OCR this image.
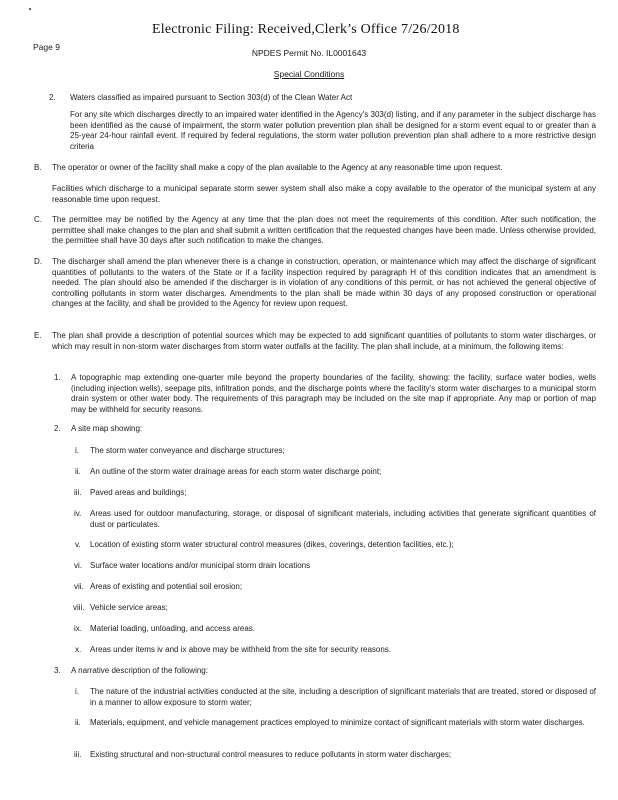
Electronic Filing: Received,Clerk’s Office 7/26/2018
Page 9
NPDES Permit No. IL0001643
Special Conditions
2. Waters classified as impaired pursuant to Section 303(d) of the Clean Water Act
For any site which discharges directly to an impaired water identified in the Agency's 303(d) listing, and if any parameter in the subject discharge has been identified as the cause of impairment, the storm water pollution prevention plan shall be designed for a storm event equal to or greater than a 25-year 24-hour rainfall event. If required by federal regulations, the storm water pollution prevention plan shall adhere to a more restrictive design criteria
B. The operator or owner of the facility shall make a copy of the plan available to the Agency at any reasonable time upon request.
Facilities which discharge to a municipal separate storm sewer system shall also make a copy available to the operator of the municipal system at any reasonable time upon request.
C. The permittee may be notified by the Agency at any time that the plan does not meet the requirements of this condition. After such notification, the permittee shall make changes to the plan and shall submit a written certification that the requested changes have been made. Unless otherwise provided, the permittee shall have 30 days after such notification to make the changes.
D. The discharger shall amend the plan whenever there is a change in construction, operation, or maintenance which may affect the discharge of significant quantities of pollutants to the waters of the State or if a facility inspection required by paragraph H of this condition indicates that an amendment is needed. The plan should also be amended if the discharger is in violation of any conditions of this permit, or has not achieved the general objective of controlling pollutants in storm water discharges. Amendments to the plan shall be made within 30 days of any proposed construction or operational changes at the facility, and shall be provided to the Agency for review upon request.
E. The plan shall provide a description of potential sources which may be expected to add significant quantities of pollutants to storm water discharges, or which may result in non-storm water discharges from storm water outfalls at the facility. The plan shall include, at a minimum, the following items:
1. A topographic map extending one-quarter mile beyond the property boundaries of the facility, showing: the facility, surface water bodies, wells (including injection wells), seepage pits, infiltration ponds, and the discharge points where the facility's storm water discharges to a municipal storm drain system or other water body. The requirements of this paragraph may be included on the site map if appropriate. Any map or portion of map may be withheld for security reasons.
2. A site map showing:
i. The storm water conveyance and discharge structures;
ii. An outline of the storm water drainage areas for each storm water discharge point;
iii. Paved areas and buildings;
iv. Areas used for outdoor manufacturing, storage, or disposal of significant materials, including activities that generate significant quantities of dust or particulates.
v. Location of existing storm water structural control measures (dikes, coverings, detention facilities, etc.);
vi. Surface water locations and/or municipal storm drain locations
vii. Areas of existing and potential soil erosion;
viii. Vehicle service areas;
ix. Material loading, unloading, and access areas.
x. Areas under items iv and ix above may be withheld from the site for security reasons.
3. A narrative description of the following:
i. The nature of the industrial activities conducted at the site, including a description of significant materials that are treated, stored or disposed of in a manner to allow exposure to storm water;
ii. Materials, equipment, and vehicle management practices employed to minimize contact of significant materials with storm water discharges.
iii. Existing structural and non-structural control measures to reduce pollutants in storm water discharges;
